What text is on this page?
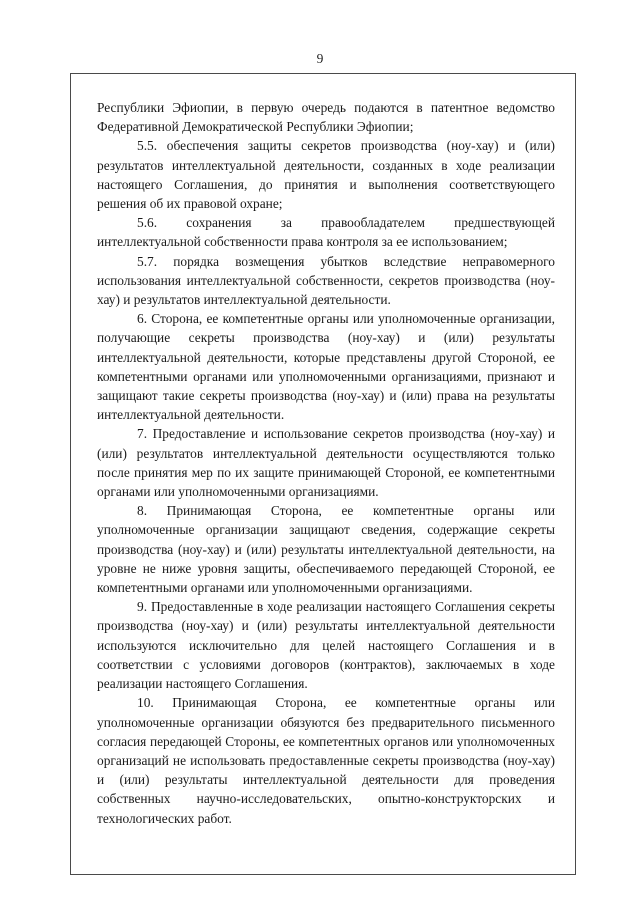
9

Республики Эфиопии, в первую очередь подаются в патентное ведомство Федеративной Демократической Республики Эфиопии;

5.5. обеспечения защиты секретов производства (ноу-хау) и (или) результатов интеллектуальной деятельности, созданных в ходе реализации настоящего Соглашения, до принятия и выполнения соответствующего решения об их правовой охране;

5.6. сохранения за правообладателем предшествующей интеллектуальной собственности права контроля за ее использованием;

5.7. порядка возмещения убытков вследствие неправомерного использования интеллектуальной собственности, секретов производства (ноу-хау) и результатов интеллектуальной деятельности.

6. Сторона, ее компетентные органы или уполномоченные организации, получающие секреты производства (ноу-хау) и (или) результаты интеллектуальной деятельности, которые представлены другой Стороной, ее компетентными органами или уполномоченными организациями, признают и защищают такие секреты производства (ноу-хау) и (или) права на результаты интеллектуальной деятельности.

7. Предоставление и использование секретов производства (ноу-хау) и (или) результатов интеллектуальной деятельности осуществляются только после принятия мер по их защите принимающей Стороной, ее компетентными органами или уполномоченными организациями.

8. Принимающая Сторона, ее компетентные органы или уполномоченные организации защищают сведения, содержащие секреты производства (ноу-хау) и (или) результаты интеллектуальной деятельности, на уровне не ниже уровня защиты, обеспечиваемого передающей Стороной, ее компетентными органами или уполномоченными организациями.

9. Предоставленные в ходе реализации настоящего Соглашения секреты производства (ноу-хау) и (или) результаты интеллектуальной деятельности используются исключительно для целей настоящего Соглашения и в соответствии с условиями договоров (контрактов), заключаемых в ходе реализации настоящего Соглашения.

10. Принимающая Сторона, ее компетентные органы или уполномоченные организации обязуются без предварительного письменного согласия передающей Стороны, ее компетентных органов или уполномоченных организаций не использовать предоставленные секреты производства (ноу-хау) и (или) результаты интеллектуальной деятельности для проведения собственных научно-исследовательских, опытно-конструкторских и технологических работ.
